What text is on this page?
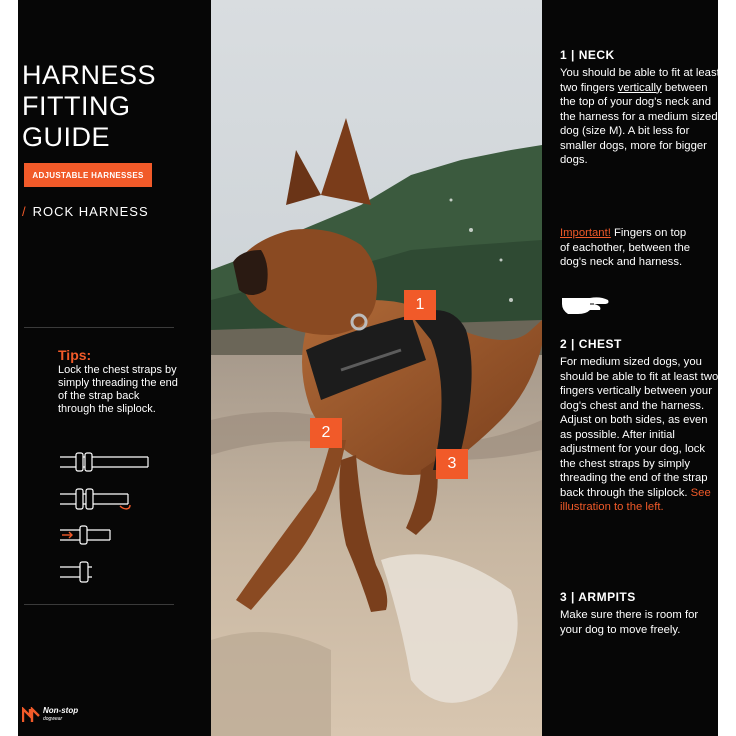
HARNESS
FITTING
GUIDE
ADJUSTABLE HARNESSES
/ ROCK HARNESS
Tips:
Lock the chest straps by simply threading the end of the strap back through the sliplock.
Non-stop
dogwear
1
2
3
1 | NECK
You should be able to fit at least two fingers vertically between the top of your dog's neck and the harness for a medium sized dog (size M). A bit less for smaller dogs, more for bigger dogs.
Important! Fingers on top of eachother, between the dog's neck and harness.
2 | CHEST
For medium sized dogs, you should be able to fit at least two fingers vertically between your dog's chest and the harness. Adjust on both sides, as even as possible. After initial adjustment for your dog, lock the chest straps by simply threading the end of the strap back through the sliplock. See illustration to the left.
3 | ARMPITS
Make sure there is room for your dog to move freely.
